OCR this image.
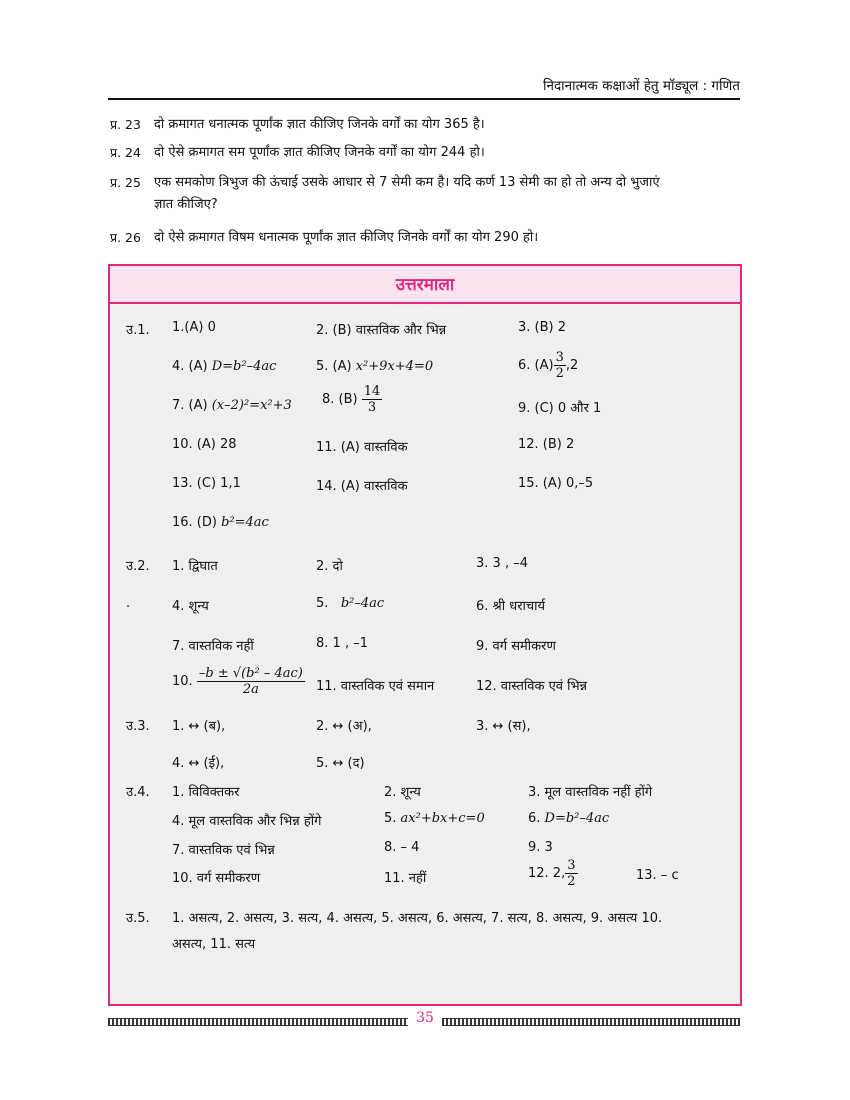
निदानात्मक कक्षाओं हेतु मॉड्यूल : गणित
प्र. 23 दो क्रमागत धनात्मक पूर्णांक ज्ञात कीजिए जिनके वर्गों का योग 365 है।
प्र. 24 दो ऐसे क्रमागत सम पूर्णांक ज्ञात कीजिए जिनके वर्गों का योग 244 हो।
प्र. 25 एक समकोण त्रिभुज की ऊंचाई उसके आधार से 7 सेमी कम है। यदि कर्ण 13 सेमी का हो तो अन्य दो भुजाएं
ज्ञात कीजिए?
प्र. 26 दो ऐसे क्रमागत विषम धनात्मक पूर्णांक ज्ञात कीजिए जिनके वर्गों का योग 290 हो।
उत्तरमाला
उ.1. 1.(A) 0	2. (B) वास्तविक और भिन्न	3. (B) 2
4. (A) D=b²–4ac	5. (A) x²+9x+4=0	6. $(A) \frac{3}{2} ,2$
7. (A) (x–2)²=x²+3 8. $(B) \frac{14}{3}$	9. (C) 0 और 1
10. (A) 28	11. (A) वास्तविक	12. (B) 2
13. (C) 1,1	14. (A) वास्तविक	15. (A) 0,–5
16. (D) b²=4ac
उ.2. 1. द्विघात	2. दो	3. 3 , –4
.	4. शून्य	5. b²–4ac	6. श्री धराचार्य
7. वास्तविक नहीं	8. 1 , –1	9. वर्ग समीकरण
10. $\frac{\text{–b ± √(b² – 4ac)}}{2a} 11$. वास्तविक एवं समान	12. वास्तविक एवं भिन्न
उ.3. 1. ↔ (ब),	2. ↔ (अ),	3. ↔ (स),
4. ↔ (ई),	5. ↔ (द)
उ.4. 1. विविक्तकर	2. शून्य	3. मूल वास्तविक नहीं होंगे
4. मूल वास्तविक और भिन्न होंगे	5. ax²+bx+c=0	6. D=b²–4ac
7. वास्तविक एवं भिन्न	8. – 4	9. 3
10. वर्ग समीकरण	11. नहीं	12. 2, $\frac{3}{2}$	13. – c
उ.5. 1. असत्य, 2. असत्य, 3. सत्य, 4. असत्य, 5. असत्य, 6. असत्य, 7. सत्य, 8. असत्य, 9. असत्य 10.
असत्य, 11. सत्य
35
